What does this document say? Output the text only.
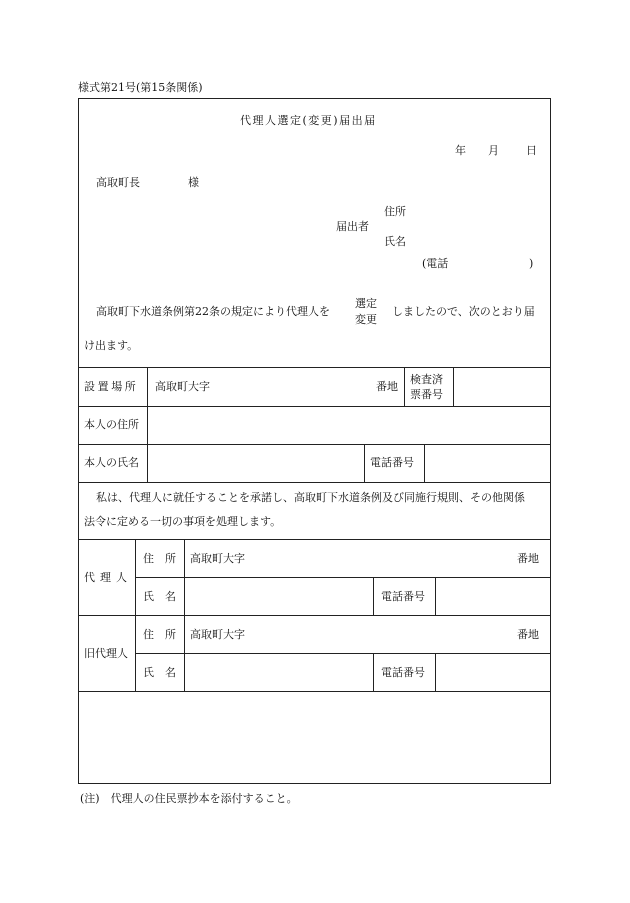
様式第21号(第15条関係)
代理人選定(変更)届出届
年 月 日
高取町長	様
住所
届出者
氏名
(電話	)
高取町下水道条例第22条の規定により代理人を
選定
変更
しましたので、次のとおり届
け出ます。
設置場所 高取町大字	番地
検査済
票番号
本人の住所
本人の氏名	電話番号
私は、代理人に就任することを承諾し、高取町下水道条例及び同施行規則、その他関係
法令に定める一切の事項を処理します。
代理人
住所 高取町大字	番地
氏名	電話番号
旧代理人
住所 高取町大字	番地
氏名	電話番号
(注)　代理人の住民票抄本を添付すること。
